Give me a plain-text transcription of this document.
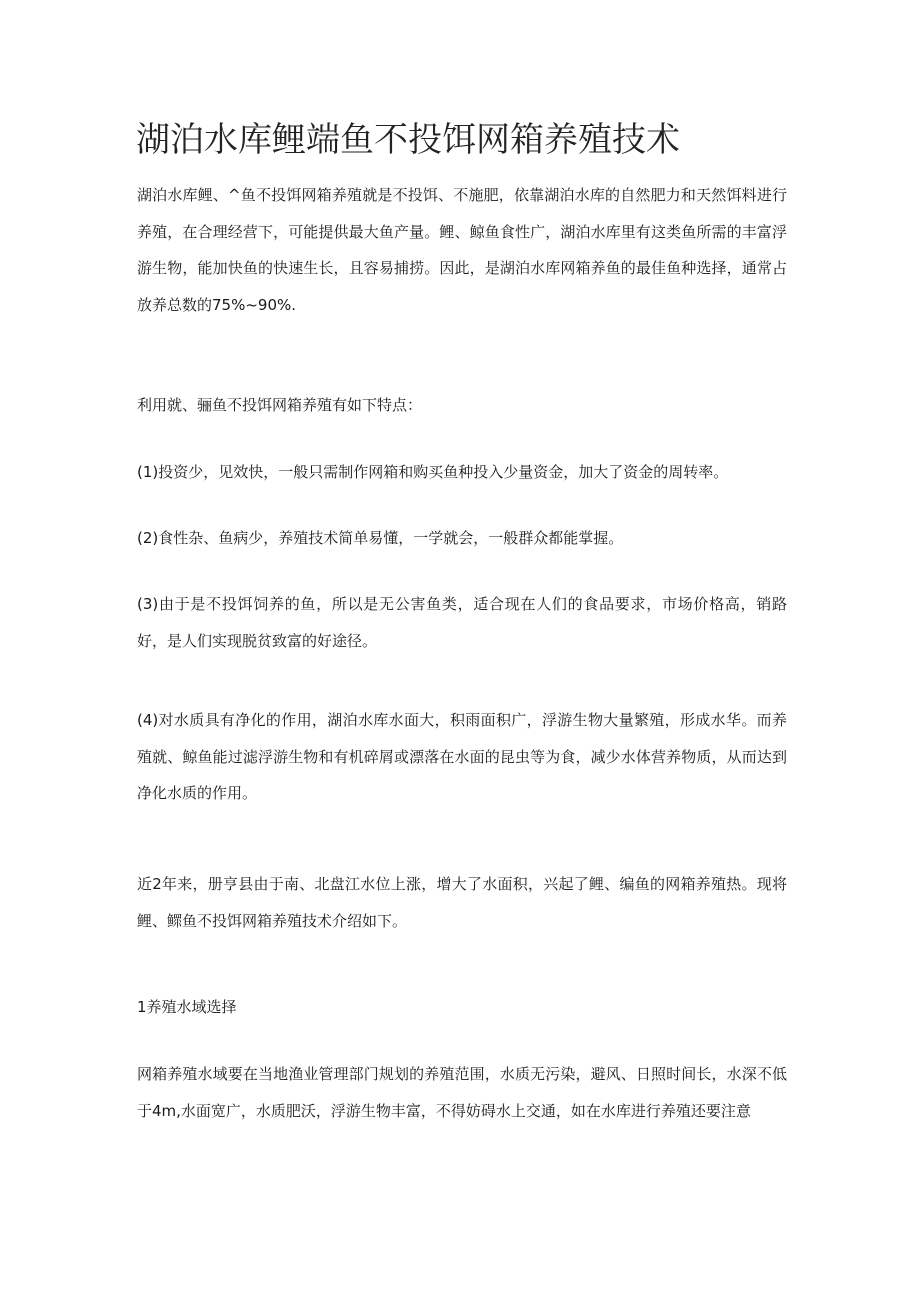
湖泊水库鲤端鱼不投饵网箱养殖技术

湖泊水库鲤、^鱼不投饵网箱养殖就是不投饵、不施肥，依靠湖泊水库的自然肥力和天然饵料进行养殖，在合理经营下，可能提供最大鱼产量。鲤、鲸鱼食性广，湖泊水库里有这类鱼所需的丰富浮游生物，能加快鱼的快速生长，且容易捕捞。因此，是湖泊水库网箱养鱼的最佳鱼种选择，通常占放养总数的75%~90%.

利用就、骊鱼不投饵网箱养殖有如下特点：

(1)投资少，见效快，一般只需制作网箱和购买鱼种投入少量资金，加大了资金的周转率。

(2)食性杂、鱼病少，养殖技术简单易懂，一学就会，一般群众都能掌握。

(3)由于是不投饵饲养的鱼，所以是无公害鱼类，适合现在人们的食品要求，市场价格高，销路好，是人们实现脱贫致富的好途径。

(4)对水质具有净化的作用，湖泊水库水面大，积雨面积广，浮游生物大量繁殖，形成水华。而养殖就、鲸鱼能过滤浮游生物和有机碎屑或漂落在水面的昆虫等为食，减少水体营养物质，从而达到净化水质的作用。

近2年来，册亨县由于南、北盘江水位上涨，增大了水面积，兴起了鲤、编鱼的网箱养殖热。现将鲤、鳏鱼不投饵网箱养殖技术介绍如下。

1养殖水域选择

网箱养殖水域要在当地渔业管理部门规划的养殖范围，水质无污染，避风、日照时间长，水深不低于4m,水面宽广，水质肥沃，浮游生物丰富，不得妨碍水上交通，如在水库进行养殖还要注意
